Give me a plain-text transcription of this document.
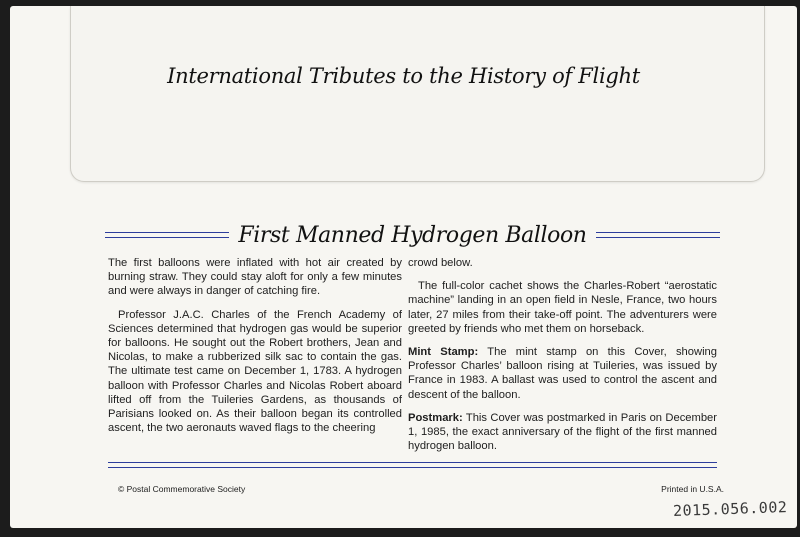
International Tributes to the History of Flight
First Manned Hydrogen Balloon

The first balloons were inflated with hot air created by burning straw. They could stay aloft for only a few minutes and were always in danger of catching fire.

Professor J.A.C. Charles of the French Academy of Sciences determined that hydrogen gas would be superior for balloons. He sought out the Robert brothers, Jean and Nicolas, to make a rubberized silk sac to contain the gas. The ultimate test came on December 1, 1783. A hydrogen balloon with Professor Charles and Nicolas Robert aboard lifted off from the Tuileries Gardens, as thousands of Parisians looked on. As their balloon began its controlled ascent, the two aeronauts waved flags to the cheering

crowd below.

The full-color cachet shows the Charles-Robert “aerostatic machine” landing in an open field in Nesle, France, two hours later, 27 miles from their take-off point. The adventurers were greeted by friends who met them on horseback.

Mint Stamp: The mint stamp on this Cover, showing Professor Charles’ balloon rising at Tuileries, was issued by France in 1983. A ballast was used to control the ascent and descent of the balloon.

Postmark: This Cover was postmarked in Paris on December 1, 1985, the exact anniversary of the flight of the first manned hydrogen balloon.

© Postal Commemorative Society	Printed in U.S.A.
2015.056.002
